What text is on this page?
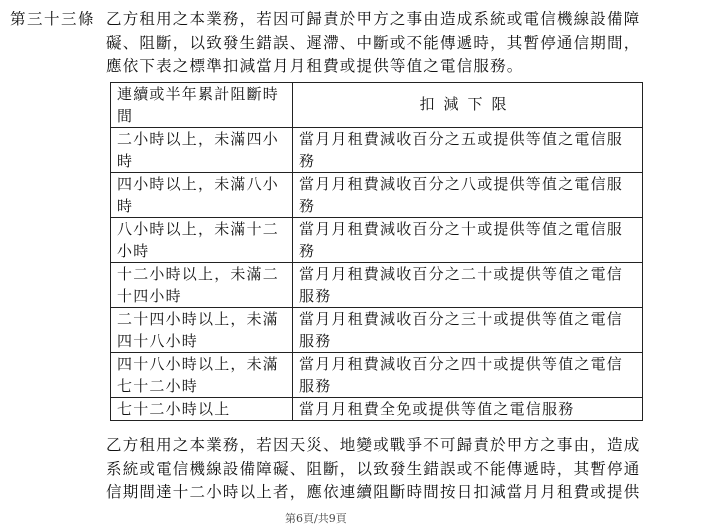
第三十三條 乙方租用之本業務，若因可歸責於甲方之事由造成系統或電信機線設備障
礙、阻斷，以致發生錯誤、遲滯、中斷或不能傳遞時，其暫停通信期間，
應依下表之標準扣減當月月租費或提供等值之電信服務。
連續或半年累計阻斷時
間	扣減下限

二小時以上，未滿四小
時	當月月租費減收百分之五或提供等值之電信服
務

四小時以上，未滿八小
時	當月月租費減收百分之八或提供等值之電信服
務

八小時以上，未滿十二
小時	當月月租費減收百分之十或提供等值之電信服
務

十二小時以上，未滿二
十四小時	當月月租費減收百分之二十或提供等值之電信
服務

二十四小時以上，未滿
四十八小時	當月月租費減收百分之三十或提供等值之電信
服務

四十八小時以上，未滿
七十二小時	當月月租費減收百分之四十或提供等值之電信
服務

七十二小時以上	當月月租費全免或提供等值之電信服務
乙方租用之本業務，若因天災、地變或戰爭不可歸責於甲方之事由，造成
系統或電信機線設備障礙、阻斷，以致發生錯誤或不能傳遞時，其暫停通
信期間達十二小時以上者，應依連續阻斷時間按日扣減當月月租費或提供
第6頁/共9頁
